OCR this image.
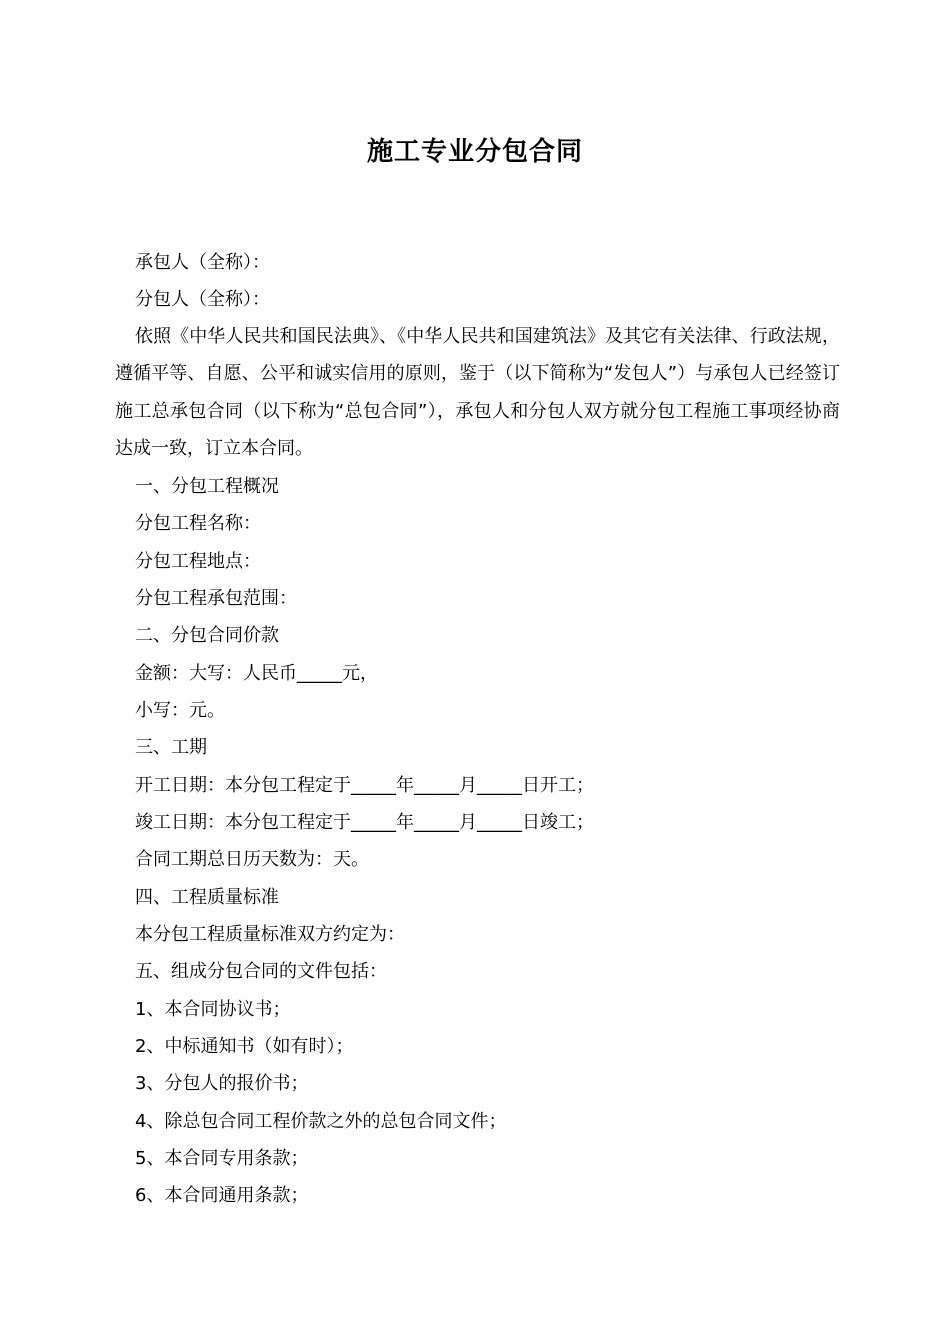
施工专业分包合同
承包人（全称）：
分包人（全称）：

依照《中华人民共和国民法典》、《中华人民共和国建筑法》及其它有关法律、行政法规，遵循平等、自愿、公平和诚实信用的原则，鉴于（以下简称为“发包人”）与承包人已经签订施工总承包合同（以下称为“总包合同”），承包人和分包人双方就分包工程施工事项经协商达成一致，订立本合同。

一、分包工程概况
分包工程名称：
分包工程地点：
分包工程承包范围：
二、分包合同价款
金额：大写：人民币_____元，
小写：元。
三、工期
开工日期：本分包工程定于_____年_____月_____日开工；
竣工日期：本分包工程定于_____年_____月_____日竣工；
合同工期总日历天数为：天。
四、工程质量标准
本分包工程质量标准双方约定为：
五、组成分包合同的文件包括：
1、本合同协议书；
2、中标通知书（如有时）；
3、分包人的报价书；
4、除总包合同工程价款之外的总包合同文件；
5、本合同专用条款；
6、本合同通用条款；
